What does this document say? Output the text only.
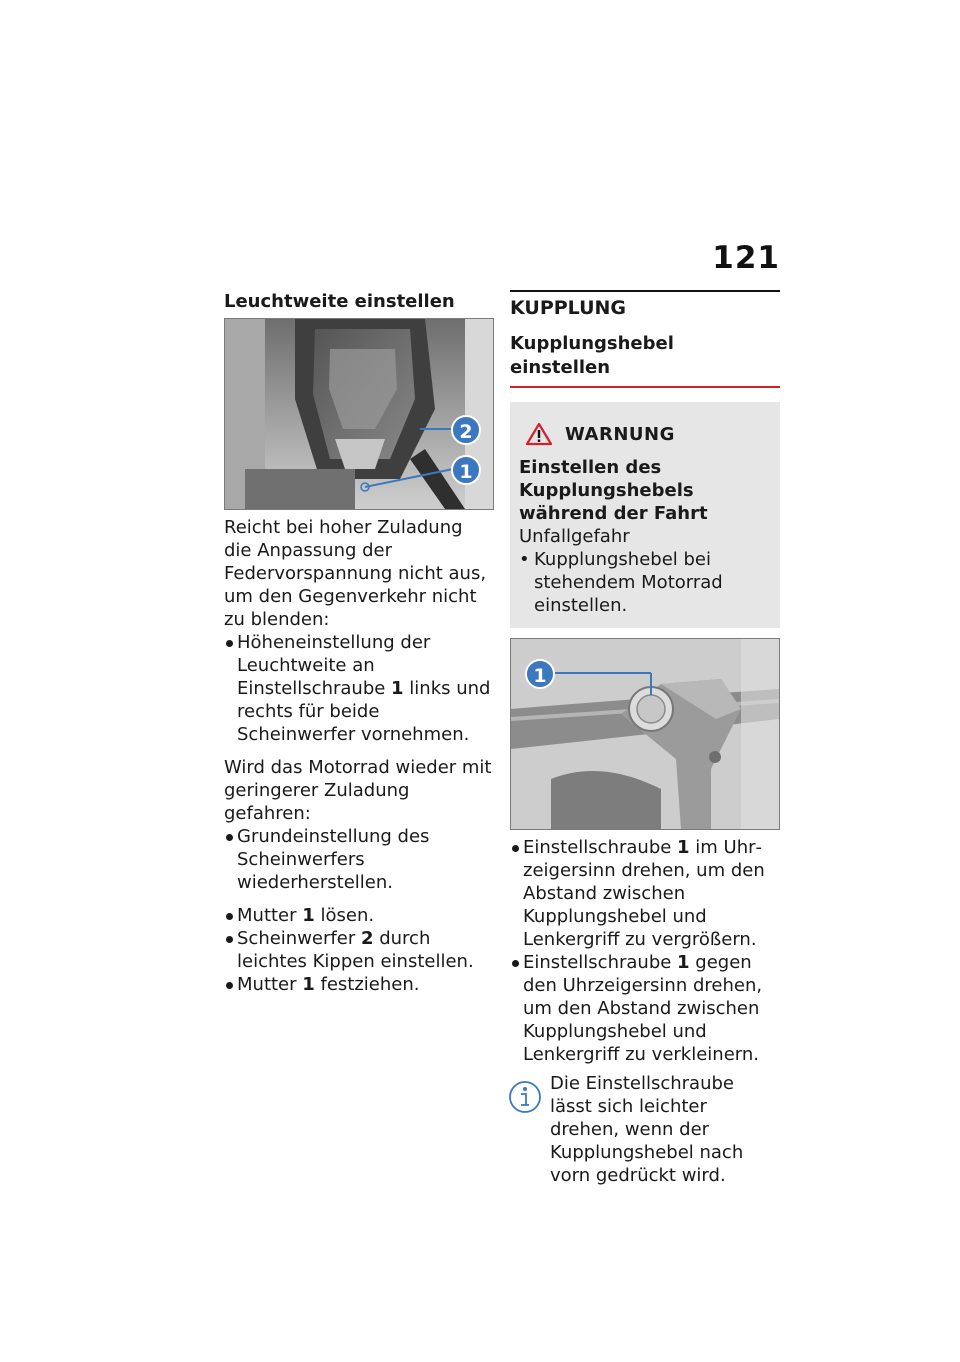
121
Leuchtweite einstellen
2
1

Reicht bei hoher Zuladung die Anpassung der Federvorspannung nicht aus, um den Gegenverkehr nicht zu blenden:

Höheneinstellung der Leuchtweite an Einstellschraube 1 links und rechts für beide Scheinwerfer vornehmen.

Wird das Motorrad wieder mit geringerer Zuladung gefahren:

Grundeinstellung des Scheinwerfers wiederherstellen.
Mutter 1 lösen.
Scheinwerfer 2 durch leichtes Kippen einstellen.
Mutter 1 festziehen.
KUPPLUNG
Kupplungshebel einstellen
WARNUNG
Einstellen des Kupplungshebels während der Fahrt
Unfallgefahr
• Kupplungshebel bei stehendem Motorrad einstellen.
1
Einstellschraube 1 im Uhrzeigersinn drehen, um den Abstand zwischen Kupplungshebel und Lenkergriff zu vergrößern.
Einstellschraube 1 gegen den Uhrzeigersinn drehen, um den Abstand zwischen Kupplungshebel und Lenkergriff zu verkleinern.
Die Einstellschraube lässt sich leichter drehen, wenn der Kupplungshebel nach vorn gedrückt wird.
